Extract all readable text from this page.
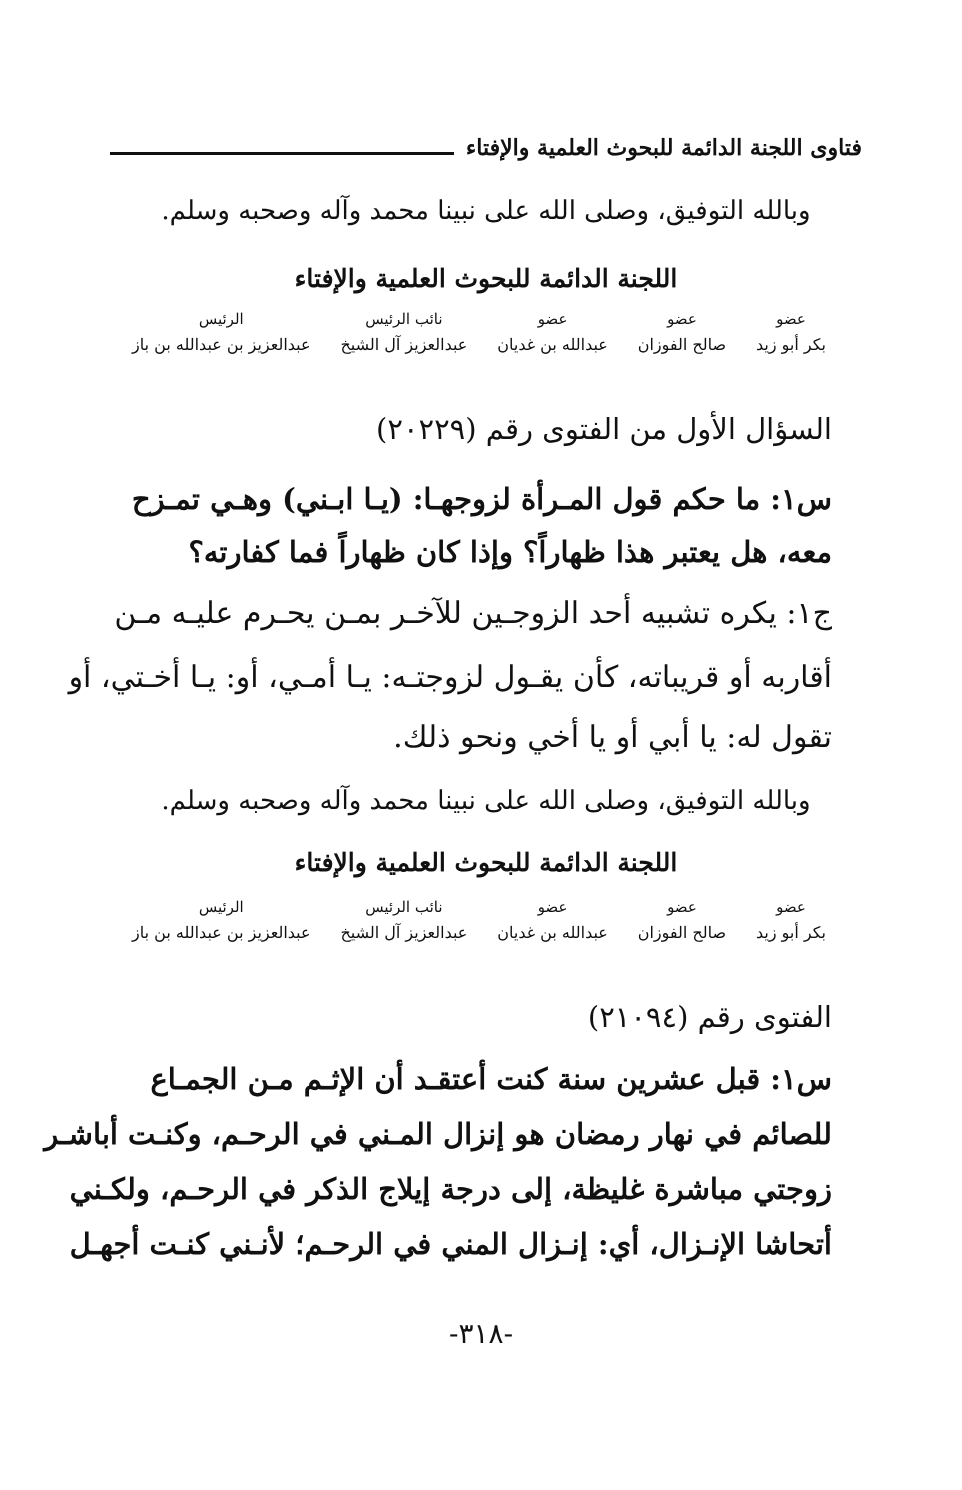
فتاوى اللجنة الدائمة للبحوث العلمية والإفتاء
وبالله التوفيق، وصلى الله على نبينا محمد وآله وصحبه وسلم.
اللجنة الدائمة للبحوث العلمية والإفتاء
عضو
بكر أبو زيد
عضو
صالح الفوزان
عضو
عبدالله بن غديان
نائب الرئيس
عبدالعزيز آل الشيخ
الرئيس
عبدالعزيز بن عبدالله بن باز
السؤال الأول من الفتوى رقم (٢٠٢٢٩)
س١: ما حكم قول المـرأة لزوجهـا: (يـا ابـني) وهـي تمـزح
معه، هل يعتبر هذا ظهاراً؟ وإذا كان ظهاراً فما كفارته؟
ج١: يكره تشبيه أحد الزوجـين للآخـر بمـن يحـرم عليـه مـن
أقاربه أو قريباته، كأن يقـول لزوجتـه: يـا أمـي، أو: يـا أخـتي، أو
تقول له: يا أبي أو يا أخي ونحو ذلك.
وبالله التوفيق، وصلى الله على نبينا محمد وآله وصحبه وسلم.
اللجنة الدائمة للبحوث العلمية والإفتاء
عضو
بكر أبو زيد
عضو
صالح الفوزان
عضو
عبدالله بن غديان
نائب الرئيس
عبدالعزيز آل الشيخ
الرئيس
عبدالعزيز بن عبدالله بن باز
الفتوى رقم (٢١٠٩٤)
س١: قبل عشرين سنة كنت أعتقـد أن الإثـم مـن الجمـاع
للصائم في نهار رمضان هو إنزال المـني في الرحـم، وكنـت أباشـر
زوجتي مباشرة غليظة، إلى درجة إيلاج الذكر في الرحـم، ولكـني
أتحاشا الإنـزال، أي: إنـزال المني في الرحـم؛ لأنـني كنـت أجهـل
-٣١٨-
